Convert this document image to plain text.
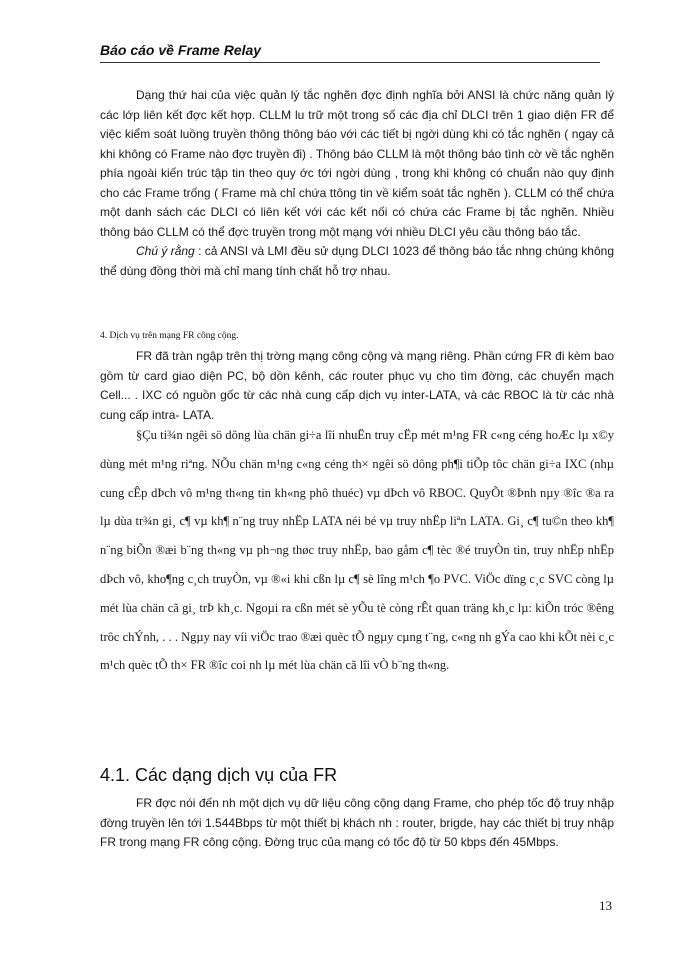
Báo cáo về Frame Relay

Dạng thứ hai của việc quản lý tắc nghẽn đợc định nghĩa bởi ANSI là chức năng quản lý các lớp liên kết đợc kết hợp. CLLM lu trữ một trong số các địa chỉ DLCI trên 1 giao diện FR để việc kiểm soát luồng truyền thông thông báo với các tiết bị ngời dùng khi có tắc nghẽn ( ngay cả khi không có Frame nào đợc truyền đi) . Thông báo CLLM là một thông báo tình cờ về tắc nghẽn phía ngoài kiến trúc tập tin theo quy ớc tới ngời dùng , trong khi không có chuẩn nào quy định cho các Frame trống ( Frame mà chỉ chứa ttông tin về kiểm soát tắc nghẽn ). CLLM có thể chứa một danh sách các DLCI có liên kết với các kết nối có chứa các Frame bị tắc nghẽn. Nhiều thông báo CLLM có thể đợc truyền trong một mạng với nhiều DLCI yêu cầu thông báo tắc.

Chú ý rằng : cả ANSI và LMI đều sử dụng DLCI 1023 để thông báo tắc nhng chúng không thể dùng đồng thời mà chỉ mang tính chất hỗ trợ nhau.

4. Dịch vụ trên mạng FR công cộng.

FR đã tràn ngập trên thị trờng mạng công cộng và mạng riêng. Phần cứng FR đi kèm bao gồm từ card giao diện PC, bộ dồn kênh, các router phục vụ cho tìm đờng, các chuyển mạch Cell... . IXC có nguồn gốc từ các nhà cung cấp dịch vụ inter-LATA, và các RBOC là từ các nhà cung cấp intra- LATA.

§Çu ti¾n ngêi sö dông lùa chän gi÷a lîi nhuËn truy cËp mét m¹ng FR c«ng céng hoÆc lµ x©y dùng mét m¹ng riªng. NÕu chän m¹ng c«ng céng th× ngêi sö dông ph¶i tiÕp tôc chän gi÷a IXC (nhµ cung cÊp dÞch vô m¹ng th«ng tin kh«ng phô thuéc) vµ dÞch vô RBOC. QuyÕt ®Þnh nµy ®îc ®a ra lµ dùa tr¾n gi¸ c¶ vµ kh¶ n¨ng truy nhËp LATA néi bé vµ truy nhËp liªn LATA. Gi¸ c¶ tu©n theo kh¶ n¨ng biÕn ®æi b¨ng th«ng vµ ph¬ng thøc truy nhËp, bao gåm c¶ tèc ®é truyÒn tin, truy nhËp nhËp dÞch vô, kho¶ng c¸ch truyÒn, vµ ®«i khi cßn lµ c¶ sè lîng m¹ch ¶o PVC. ViÖc dïng c¸c SVC còng lµ mét lùa chän cã gi¸ trÞ kh¸c. Ngoµi ra cßn mét sè yÕu tè còng rÊt quan träng kh¸c lµ: kiÕn tróc ®êng trôc chÝnh, . . . Ngµy nay víi viÖc trao ®æi quèc tÕ ngµy cµng t¨ng, c«ng nh gÝa cao khi kÕt nèi c¸c m¹ch quèc tÕ th× FR ®îc coi nh lµ mét lùa chän cã lîi vÒ b¨ng th«ng.

4.1. Các dạng dịch vụ của FR

FR đợc nói đến nh một dịch vụ dữ liệu công cộng dạng Frame, cho phép tốc độ truy nhập đờng truyền lên tới 1.544Bbps từ một thiết bị khách nh : router, brigde, hay các thiết bị truy nhập FR trong mạng FR công cộng. Đờng trục của mạng có tốc độ từ 50 kbps đến 45Mbps.

13
